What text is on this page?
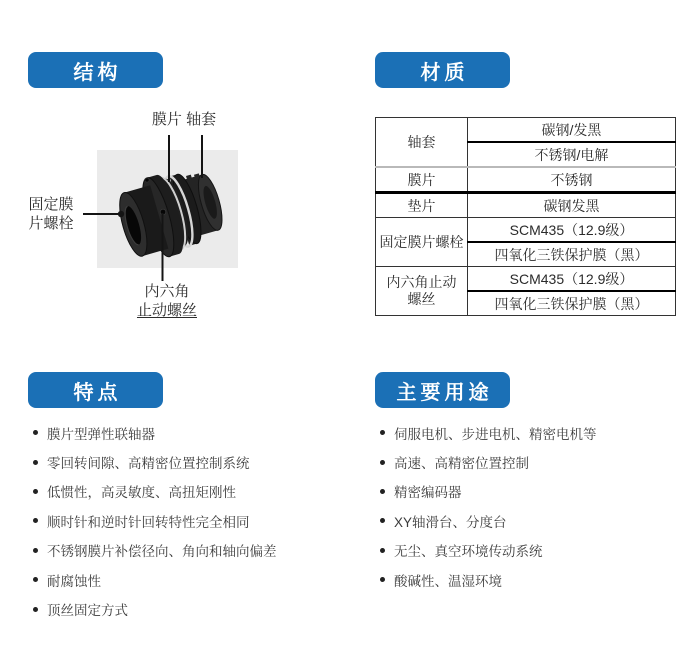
结构	材质
特点	主要用途
膜片 轴套
固定膜
片螺栓
内六角
止动螺丝
轴套	碳钢/发黑
	不锈钢/电解
膜片	不锈钢
垫片	碳钢发黑
固定膜片螺栓	SCM435（12.9级）
	四氧化三铁保护膜（黑）
内六角止动螺丝	SCM435（12.9级）
	四氧化三铁保护膜（黑）
膜片型弹性联轴器
零回转间隙、高精密位置控制系统
低惯性，高灵敏度、高扭矩刚性
顺时针和逆时针回转特性完全相同
不锈钢膜片补偿径向、角向和轴向偏差
耐腐蚀性
顶丝固定方式
伺服电机、步进电机、精密电机等
高速、高精密位置控制
精密编码器
XY轴滑台、分度台
无尘、真空环境传动系统
酸碱性、温湿环境
